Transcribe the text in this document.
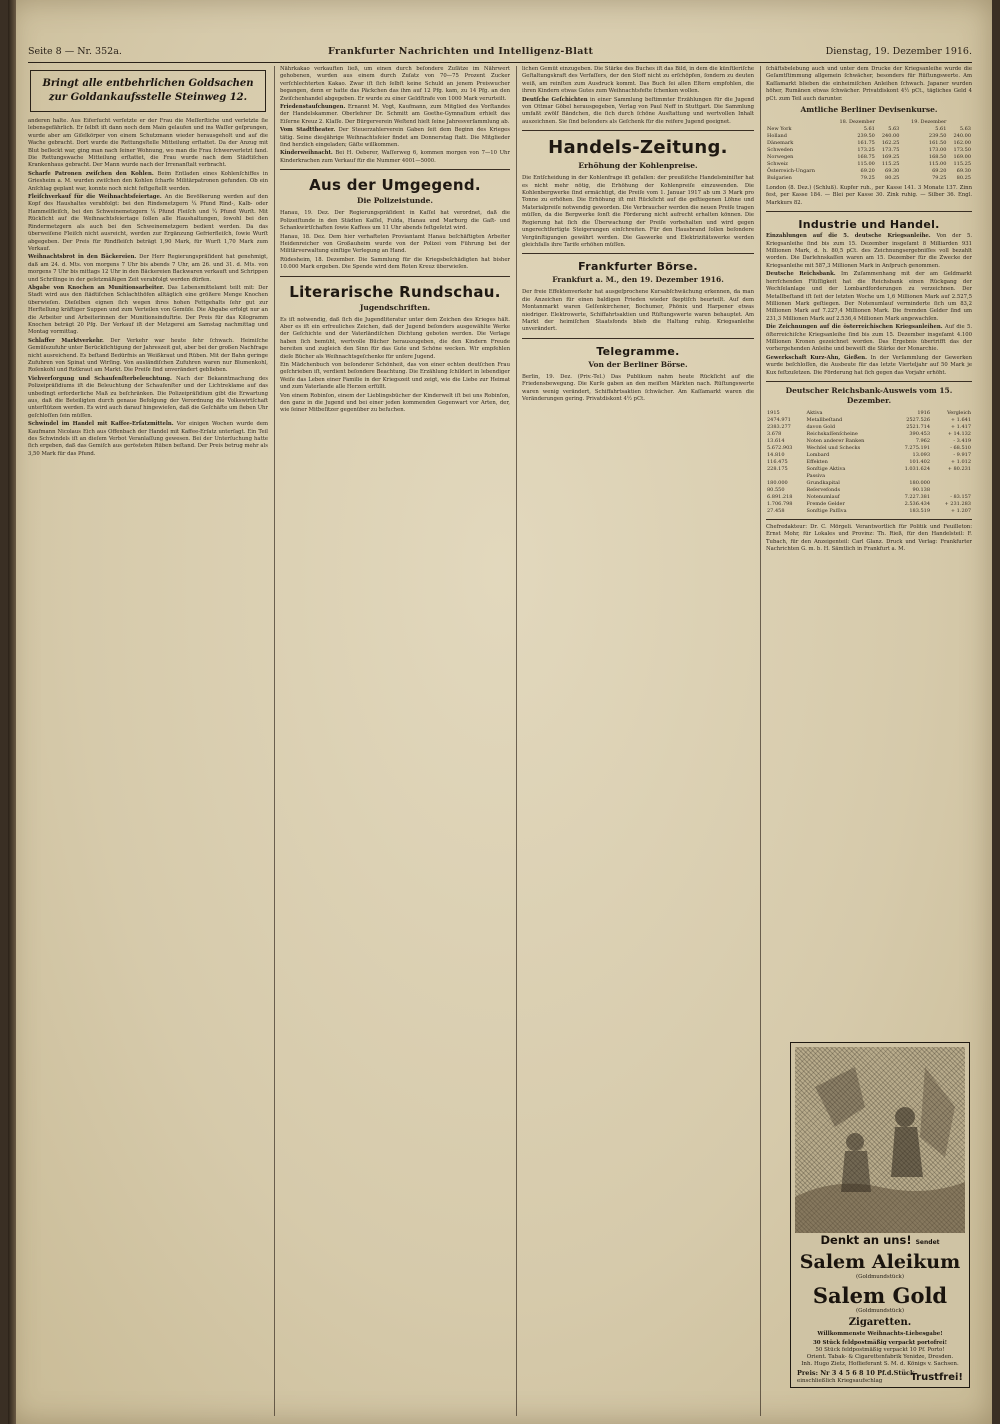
Seite 8 — Nr. 352a.	Frankfurter Nachrichten und Intelligenz-Blatt	Dienstag, 19. Dezember 1916.
Bringt alle entbehrlichen Goldsachen zur Goldankaufsstelle Steinweg 12.

anderen halte. Aus Eiferſucht verſetzte er der Frau die Meſſerſtiche und verletzte ſie lebensgefährlich. Er ſelbſt iſt dann noch dem Main gelaufen und ins Waſſer geſprungen, wurde aber am Giſelkörper von einem Schutzmann wieder herausgeholt und auf die Wache gebracht. Dort wurde die Rettungsſtelle Mitteilung erſtattet. Da der Anzug mit Blut beſleckt war, ging man nach ſeiner Wohnung, wo man die Frau ſchwerverletzt fand. Die Rettungswache Mitteilung erſtattet, die Frau wurde nach dem Städtiſchen Krankenhaus gebracht. Der Mann wurde nach der Irrenanſtalt verbracht.

Scharfe Patronen zwiſchen den Kohlen. Beim Entladen eines Kohlenſchiffes in Griesheim a. M. wurden zwiſchen den Kohlen ſcharfe Militärpatronen gefunden. Ob ein Anſchlag geplant war, konnte noch nicht feſtgeſtellt werden.

Fleiſchverkauf für die Weihnachtsfeiertage. An die Bevölkerung werden auf den Kopf des Haushaltes verabfolgt: bei den Rindsmetzgern ¼ Pfund Rind-, Kalb- oder Hammelfleiſch, bei den Schweinemetzgern ¼ Pfund Fleiſch und ¼ Pfund Wurſt. Mit Rückſicht auf die Weihnachtsfeiertage ſollen alle Haushaltungen, ſowohl bei den Rindermetzgern als auch bei den Schweinemetzgern bedient werden. Da das überweiſene Fleiſch nicht ausreicht, werden zur Ergänzung Gefrierfleiſch, ſowie Wurſt abgegeben. Der Preis für Rindfleiſch beträgt 1,90 Mark, für Wurſt 1,70 Mark zum Verkauf.

Weihnachtsbrot in den Bäckereien. Der Herr Regierungspräſident hat genehmigt, daß am 24. d. Mts. von morgens 7 Uhr bis abends 7 Uhr, am 26. und 31. d. Mts. von morgens 7 Uhr bis mittags 12 Uhr in den Bäckereien Backwaren verkauft und Schrippen und Schrilinge in der geſetzmäßigen Zeit verabfolgt werden dürfen.

Abgabe von Knochen an Munitionsarbeiter. Das Lebensmittelamt teilt mit: Der Stadt wird aus den ſtädtiſchen Schlachthöfen alltäglich eine größere Menge Knochen überwieſen. Dieſelben eignen ſich wegen ihres hohen Fettgehalts ſehr gut zur Herſtellung kräftiger Suppen und zum Verteilen von Gemüſe. Die Abgabe erfolgt nur an die Arbeiter und Arbeiterinnen der Munitionsinduſtrie. Der Preis für das Kilogramm Knochen beträgt 20 Pfg. Der Verkauf iſt der Metzgerei am Samstag nachmittag und Montag vormittag.

Schlaffer Marktverkehr. Der Verkehr war heute ſehr ſchwach. Heimiſche Gemüſezufuhr unter Berückſichtigung der Jahreszeit gut, aber bei der großen Nachfrage nicht ausreichend. Es beſtand Bedürfnis an Weißkraut und Rüben. Mit der Bahn geringe Zufuhren von Spinat und Wirſing. Von ausländiſchen Zufuhren waren nur Blumenkohl, Roſenkohl und Rotkraut am Markt. Die Preiſe ſind unverändert geblieben.

Viehverſorgung und Schaufenſterbeleuchtung. Nach der Bekanntmachung des Polizeipräſidiums iſt die Beleuchtung der Schaufenſter und der Lichtreklame auf das unbedingt erforderliche Maß zu beſchränken. Die Polizeipräſidium gibt die Erwartung aus, daß die Beteiligten durch genaue Befolgung der Verordnung die Volkswirtſchaft unterſtützen werden. Es wird auch darauf hingewieſen, daß die Geſchäfte um ſieben Uhr geſchloſſen ſein müſſen.

Schwindel im Handel mit Kaffee-Erſatzmitteln. Vor einigen Wochen wurde dem Kaufmann Nicolaus Eich aus Offenbach der Handel mit Kaffee-Erſatz unterſagt. Ein Teil des Schwindels iſt an dieſem Verbot Veranlaſſung gewesen. Bei der Unterſuchung hatte ſich ergeben, daß das Gemiſch aus gerösteten Rüben beſtand. Der Preis betrug mehr als 3,50 Mark für das Pfund.

Nährkakao verkauften ließ, um einen durch beſondere Zuſätze im Nährwert gehobenen, wurden aus einem durch Zuſatz von 70—75 Prozent Zucker verſchlechterten Kakao. Zwar iſt ſich ſelbſt keine Schuld an jenem Preiswucher begangen, denn er hatte das Päckchen das ihm auf 12 Pfg. kam, zu 14 Pfg. an den Zwiſchenhandel abgegeben. Er wurde zu einer Geldſtrafe von 1000 Mark verurteilt.

Friedenstaufchungen. Ernannt M. Vogt, Kaufmann, zum Mitglied des Vorſtandes der Handelskammer. Oberlehrer Dr. Schmitt am Goethe-Gymnaſium erhielt das Eiſerne Kreuz 2. Klaſſe. Der Bürgerverein Weſtend hielt ſeine Jahresverſammlung ab.

Vom Stadttheater. Der Steuerzahlerverein Gaben ſeit dem Beginn des Krieges tätig. Seine diesjährige Weihnachtsfeier findet am Donnerstag ſtatt. Die Mitglieder ſind herzlich eingeladen; Gäſte willkommen.

Kinderweihnacht. Bei H. Oeberer, Waſſerweg 6, kommen morgen von 7—10 Uhr Kinderkrachen zum Verkauf für die Nummer 4001—5000.

Aus der Umgegend.
Die Polizeistunde.

Hanau, 19. Dez. Der Regierungspräſident in Kaſſel hat verordnet, daß die Polizeiſtunde in den Städten Kaſſel, Fulda, Hanau und Marburg die Gaſt- und Schankwirtſchaften ſowie Kaffees um 11 Uhr abends feſtgeſetzt wird.

Hanau, 18. Dez. Dem hier verhafteten Proviantamt Hanau beſchäftigten Arbeiter Heidenreicher von Großauheim wurde von der Polizei vom Führung bei der Militärverwaltung einſtige Verlegung an Hand.

Rüdesheim, 18. Dezember. Die Sammlung für die Kriegsbeſchädigten hat bisher 10.000 Mark ergeben. Die Spende wird dem Roten Kreuz überwieſen.

Literarische Rundschau.
Jugendschriften.

Es iſt notwendig, daß ſich die Jugendliteratur unter dem Zeichen des Krieges hält. Aber es iſt ein erfreuliches Zeichen, daß der Jugend beſonders ausgewählte Werke der Geſchichte und der Vaterländiſchen Dichtung geboten werden. Die Verlage haben ſich bemüht, wertvolle Bücher herauszugeben, die den Kindern Freude bereiten und zugleich den Sinn für das Gute und Schöne wecken. Wir empfehlen dieſe Bücher als Weihnachtsgeſchenke für unſere Jugend.

Ein Mädchenbuch von beſonderer Schönheit, das von einer echten deutſchen Frau geſchrieben iſt, verdient beſondere Beachtung. Die Erzählung ſchildert in lebendiger Weiſe das Leben einer Familie in der Kriegszeit und zeigt, wie die Liebe zur Heimat und zum Vaterlande alle Herzen erfüllt.

Von einem Robinſon, einem der Lieblingsbücher der Kinderwelt iſt bei uns Robinſon, den ganz in die Jugend und bei einer jeden kommenden Gegenwart vor Arten, der, wie ſeiner Mitbeſitzer gegenüber zu beſuchen.

lichen Gemüt einzugeben. Die Stärke des Buches iſt das Bild, in dem die künſtleriſche Geſtaltungskraft des Verfaſſers, der den Stoff nicht zu erſchöpfen, ſondern zu deuten weiß, am reinſten zum Ausdruck kommt. Das Buch ſei allen Eltern empfohlen, die ihren Kindern etwas Gutes zum Weihnachtsfeſte ſchenken wollen.

Deutſche Geſchichten in einer Sammlung beſtimmter Erzählungen für die Jugend von Ottmar Göbel herausgegeben, Verlag von Paul Neff in Stuttgart. Die Sammlung umfaßt zwölf Bändchen, die ſich durch ſchöne Ausſtattung und wertvollen Inhalt auszeichnen. Sie ſind beſonders als Geſchenk für die reifere Jugend geeignet.

Handels-Zeitung.
Erhöhung der Kohlenpreise.

Die Entſcheidung in der Kohlenfrage iſt gefallen: der preußiſche Handelsminiſter hat es nicht mehr nötig, die Erhöhung der Kohlenpreiſe einzuwenden. Die Kohlenbergwerke ſind ermächtigt, die Preiſe vom 1. Januar 1917 ab um 3 Mark pro Tonne zu erhöhen. Die Erhöhung iſt mit Rückſicht auf die geſtiegenen Löhne und Materialpreiſe notwendig geworden. Die Verbraucher werden die neuen Preiſe tragen müſſen, da die Bergwerke ſonſt die Förderung nicht aufrecht erhalten können. Die Regierung hat ſich die Überwachung der Preiſe vorbehalten und wird gegen ungerechtfertigte Steigerungen einſchreiten. Für den Hausbrand ſollen beſondere Vergünſtigungen gewährt werden. Die Gaswerke und Elektrizitätswerke werden gleichfalls ihre Tarife erhöhen müſſen.

Frankfurter Börse.
Frankfurt a. M., den 19. Dezember 1916.

Der freie Effektenverkehr hat ausgeſprochene Kursabſchwächung erkennen, da man die Anzeichen für einen baldigen Frieden wieder ſkeptiſch beurteilt. Auf dem Montanmarkt waren Gelſenkirchener, Bochumer, Phönix und Harpener etwas niedriger. Elektrowerte, Schiffahrtsaktien und Rüſtungswerte waren behauptet. Am Markt der heimiſchen Staatsfonds blieb die Haltung ruhig. Kriegsanleihe unverändert.

Telegramme.
Von der Berliner Börse.

Berlin, 19. Dez. (Priv.-Tel.) Das Publikum nahm heute Rückſicht auf die Friedensbewegung. Die Kurſe gaben an den meiſten Märkten nach. Rüſtungswerte waren wenig verändert, Schiffahrtsaktien ſchwächer. Am Kaſſamarkt waren die Veränderungen gering. Privatdiskont 4½ pCt.

ſchäftsbelebung auch und unter dem Drucke der Kriegsanleihe wurde die Geſamtſtimmung allgemein ſchwächer, besonders für Rüſtungswerte. Am Kaſſamarkt blieben die einheimiſchen Anleihen ſchwach. Japaner wurden höher, Rumänen etwas ſchwächer. Privatdiskont 4½ pCt., tägliches Geld 4 pCt. zum Teil auch darunter.

Amtliche Berliner Devisenkurse.
	18. Dezember		19. Dezember	
New York	5.61	5.63	5.61	5.63
Holland	239.50	240.00	239.50	240.00
Dänemark	161.75	162.25	161.50	162.00
Schweden	173.25	173.75	173.00	173.50
Norwegen	168.75	169.25	168.50	169.00
Schweiz	115.00	115.25	115.00	115.25
Österreich-Ungarn	69.20	69.30	69.20	69.30
Bulgarien	79.25	80.25	79.25	80.25

London (8. Dez.) (Schluß). Kupfer ruh., per Kasse 141. 3 Monate 137. Zinn fest, per Kasse 184. — Blei per Kasse 30. Zink ruhig. — Silber 36. Engl. Markkurs 82.

Industrie und Handel.

Einzahlungen auf die 5. deutsche Kriegsanleihe. Von der 5. Kriegsanleihe ſind bis zum 15. Dezember insgeſamt 8 Milliarden 931 Millionen Mark, d. h. 80,5 pCt. des Zeichnungsergebniſſes voll bezahlt worden. Die Darlehnskaſſen waren am 15. Dezember für die Zwecke der Kriegsanleihe mit 587,3 Millionen Mark in Anſpruch genommen.

Deutsche Reichsbank. Im Zuſammenhang mit der am Geldmarkt herrſchenden Flüſſigkeit hat die Reichsbank einen Rückgang der Wechſelanlage und der Lombardforderungen zu verzeichnen. Der Metallbeſtand iſt ſeit der letzten Woche um 1,6 Millionen Mark auf 2.527,5 Millionen Mark geſtiegen. Der Notenumlauf verminderte ſich um 83,2 Millionen Mark auf 7.227,4 Millionen Mark. Die fremden Gelder ſind um 231,3 Millionen Mark auf 2.536,4 Millionen Mark angewachſen.

Die Zeichnungen auf die österreichischen Kriegsanleihen. Auf die 5. öſterreichiſche Kriegsanleihe ſind bis zum 15. Dezember insgeſamt 4.100 Millionen Kronen gezeichnet worden. Das Ergebnis übertrifft das der vorhergehenden Anleihe und beweiſt die Stärke der Monarchie.

Gewerkschaft Kurz-Ahn, Gießen. In der Verſammlung der Gewerken wurde beſchloſſen, die Ausbeute für das letzte Vierteljahr auf 50 Mark je Kux feſtzuſetzen. Die Förderung hat ſich gegen das Vorjahr erhöht.

Deutscher Reichsbank-Ausweis vom 15. Dezember.
1915	Aktiva	1916	Vergleich
2474.971	Metallbeſtand	2527.526	+ 1.641
2383.277	davon Gold	2521.714	+ 1.417
3.678	Reichskaſſenſcheine	390.453	+ 14.132
13.614	Noten anderer Banken	7.962	- 3.419
5.672.903	Wechſel und Schecks	7.275.191	- 68.510
14.810	Lombard	13.093	- 9.917
116.475	Effekten	101.402	+ 1.012
228.175	Sonſtige Aktiva	1.031.624	+ 80.231
	Passiva		
180.000	Grundkapital	180.000	
80.550	Reſervefonds	90.138	
6.891.218	Notenumlauf	7.227.381	- 83.157
1.706.798	Fremde Gelder	2.536.434	+ 231.283
27.458	Sonſtige Paſſiva	183.519	+ 1.207

Chefredakteur: Dr. C. Mörgeli. Verantwortlich für Politik und Feuilleton: Ernst Mohr, für Lokales und Provinz: Th. Rieß, für den Handelsteil: F. Tubach, für den Anzeigenteil: Carl Glanz. Druck und Verlag: Frankfurter Nachrichten G. m. b. H. Sämtlich in Frankfurt a. M.

Denkt an uns! Sendet
Salem Aleikum
(Goldmundstück)
Salem Gold
(Goldmundstück)
Zigaretten.
Willkommenste Weihnachts-Liebesgabe!
30 Stück feldpostmäßig verpackt portofrei!
50 Stück feldpostmäßig verpackt 10 Pf. Porto!
Orient. Tabak- & Cigarettenfabrik Yenidze, Dresden.
Inh. Hugo Zietz, Hoflieferant S. M. d. Königs v. Sachsen.
Preis: Nr 3 4 5 6 8 10 Pf.d.Stück
einschließlich Kriegsaufschlag	Trustfrei!
